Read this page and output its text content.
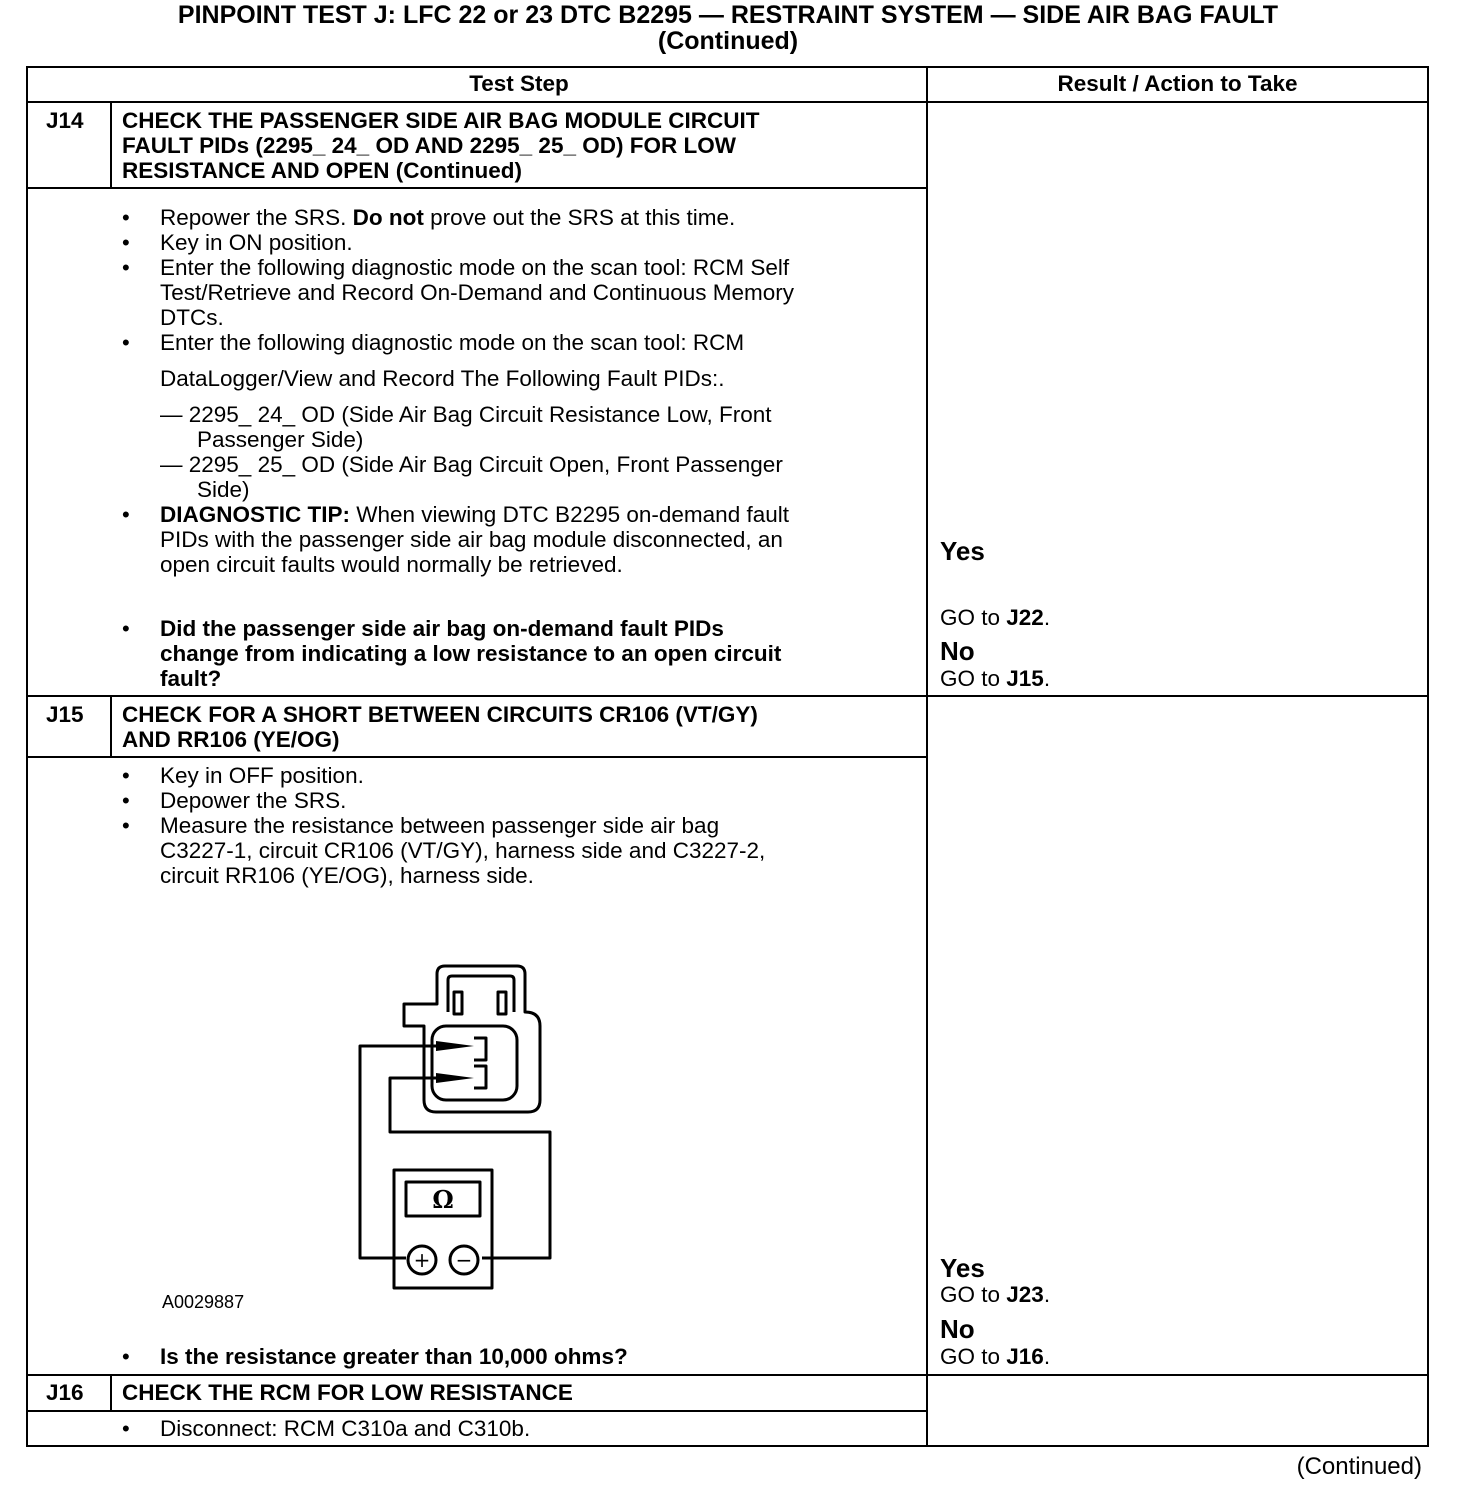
PINPOINT TEST J: LFC 22 or 23 DTC B2295 — RESTRAINT SYSTEM — SIDE AIR BAG FAULT
(Continued)
Test Step	Result / Action to Take
J14 CHECK THE PASSENGER SIDE AIR BAG MODULE CIRCUIT
FAULT PIDs (2295_ 24_ OD AND 2295_ 25_ OD) FOR LOW
RESISTANCE AND OPEN (Continued)
• Repower the SRS. Do not prove out the SRS at this time.
• Key in ON position.
• Enter the following diagnostic mode on the scan tool: RCM Self
Test/Retrieve and Record On-Demand and Continuous Memory
DTCs.
• Enter the following diagnostic mode on the scan tool: RCM
DataLogger/View and Record The Following Fault PIDs:.
— 2295_ 24_ OD (Side Air Bag Circuit Resistance Low, Front
Passenger Side)
— 2295_ 25_ OD (Side Air Bag Circuit Open, Front Passenger
Side)
• DIAGNOSTIC TIP: When viewing DTC B2295 on-demand fault
PIDs with the passenger side air bag module disconnected, an
open circuit faults would normally be retrieved.
• Did the passenger side air bag on-demand fault PIDs
change from indicating a low resistance to an open circuit
fault?
Yes
GO to J22.
No
GO to J15.
J15 CHECK FOR A SHORT BETWEEN CIRCUITS CR106 (VT/GY)
AND RR106 (YE/OG)
• Key in OFF position.
• Depower the SRS.
• Measure the resistance between passenger side air bag
C3227-1, circuit CR106 (VT/GY), harness side and C3227-2,
circuit RR106 (YE/OG), harness side.
Ω
+ −
A0029887
• Is the resistance greater than 10,000 ohms?
Yes
GO to J23.
No
GO to J16.
J16 CHECK THE RCM FOR LOW RESISTANCE
• Disconnect: RCM C310a and C310b.
(Continued)
